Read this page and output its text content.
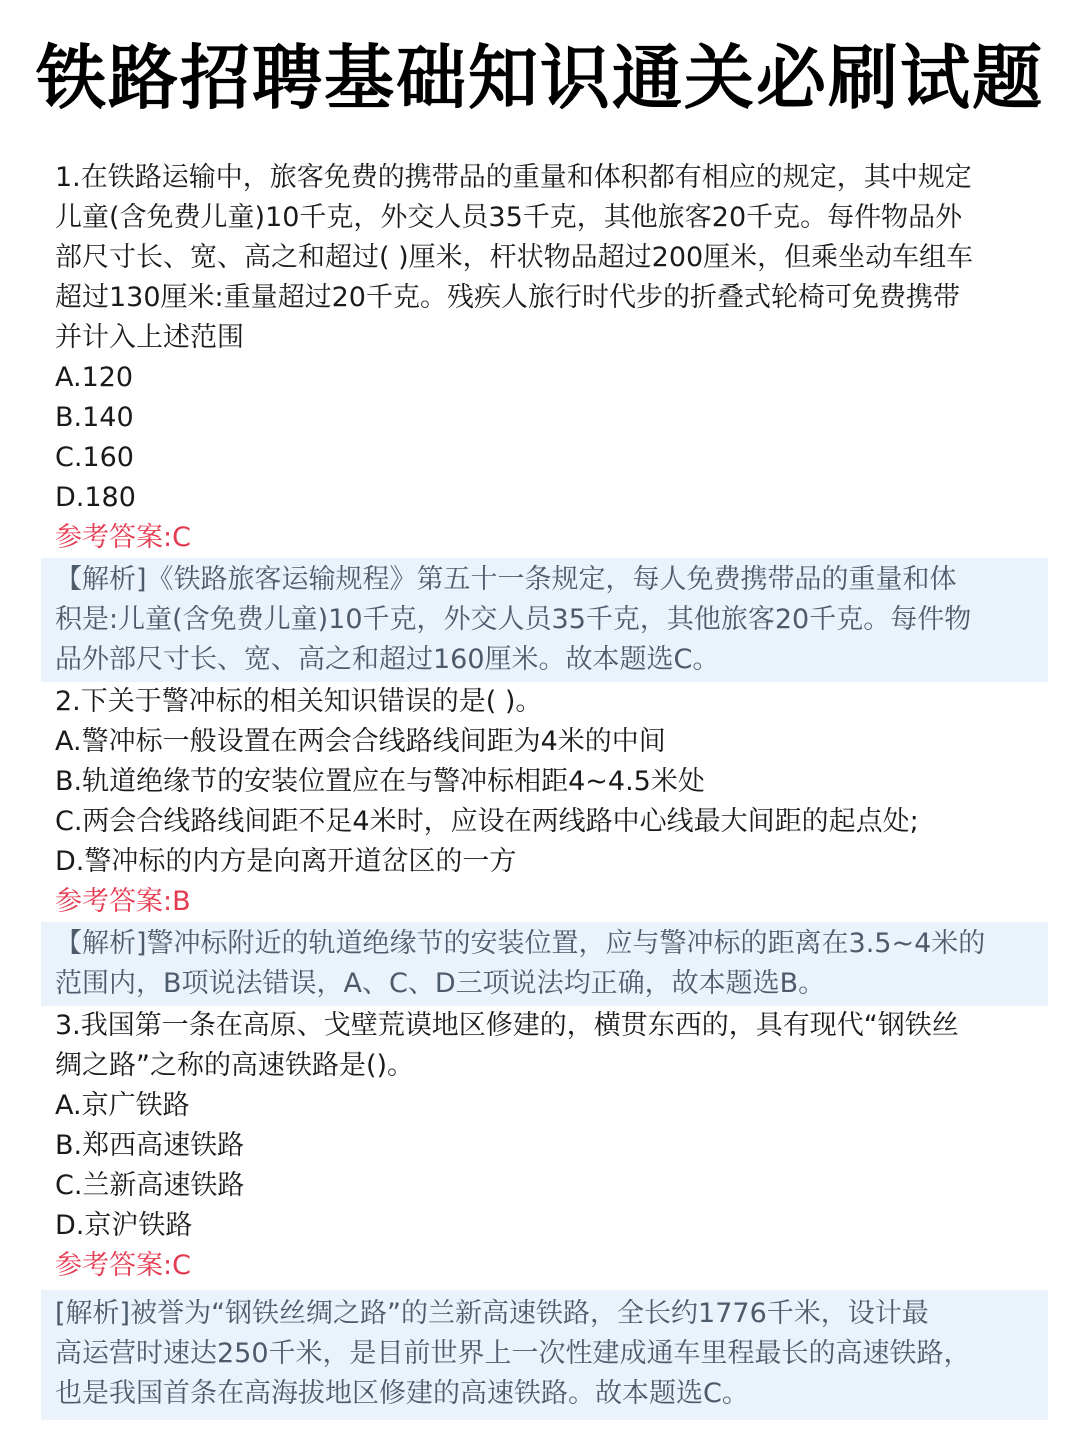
铁路招聘基础知识通关必刷试题
1.在铁路运输中，旅客免费的携带品的重量和体积都有相应的规定，其中规定
儿童(含免费儿童)10千克，外交人员35千克，其他旅客20千克。每件物品外
部尺寸长、宽、高之和超过( )厘米，杆状物品超过200厘米，但乘坐动车组车
超过130厘米:重量超过20千克。残疾人旅行时代步的折叠式轮椅可免费携带
并计入上述范围
A.120
B.140
C.160
D.180
参考答案:C
【解析]《铁路旅客运输规程》第五十一条规定，每人免费携带品的重量和体
积是:儿童(含免费儿童)10千克，外交人员35千克，其他旅客20千克。每件物
品外部尺寸长、宽、高之和超过160厘米。故本题选C。
2.下关于警冲标的相关知识错误的是( )。
A.警冲标一般设置在两会合线路线间距为4米的中间
B.轨道绝缘节的安装位置应在与警冲标相距4~4.5米处
C.两会合线路线间距不足4米时，应设在两线路中心线最大间距的起点处;
D.警冲标的内方是向离开道岔区的一方
参考答案:B
【解析]警冲标附近的轨道绝缘节的安装位置，应与警冲标的距离在3.5~4米的
范围内，B项说法错误，A、C、D三项说法均正确，故本题选B。
3.我国第一条在高原、戈壁荒谟地区修建的，横贯东西的，具有现代“钢铁丝
绸之路”之称的高速铁路是()。
A.京广铁路
B.郑西高速铁路
C.兰新高速铁路
D.京沪铁路
参考答案:C
[解析]被誉为“钢铁丝绸之路”的兰新高速铁路，全长约1776千米，设计最
高运营时速达250千米，是目前世界上一次性建成通车里程最长的高速铁路，
也是我国首条在高海拔地区修建的高速铁路。故本题选C。
